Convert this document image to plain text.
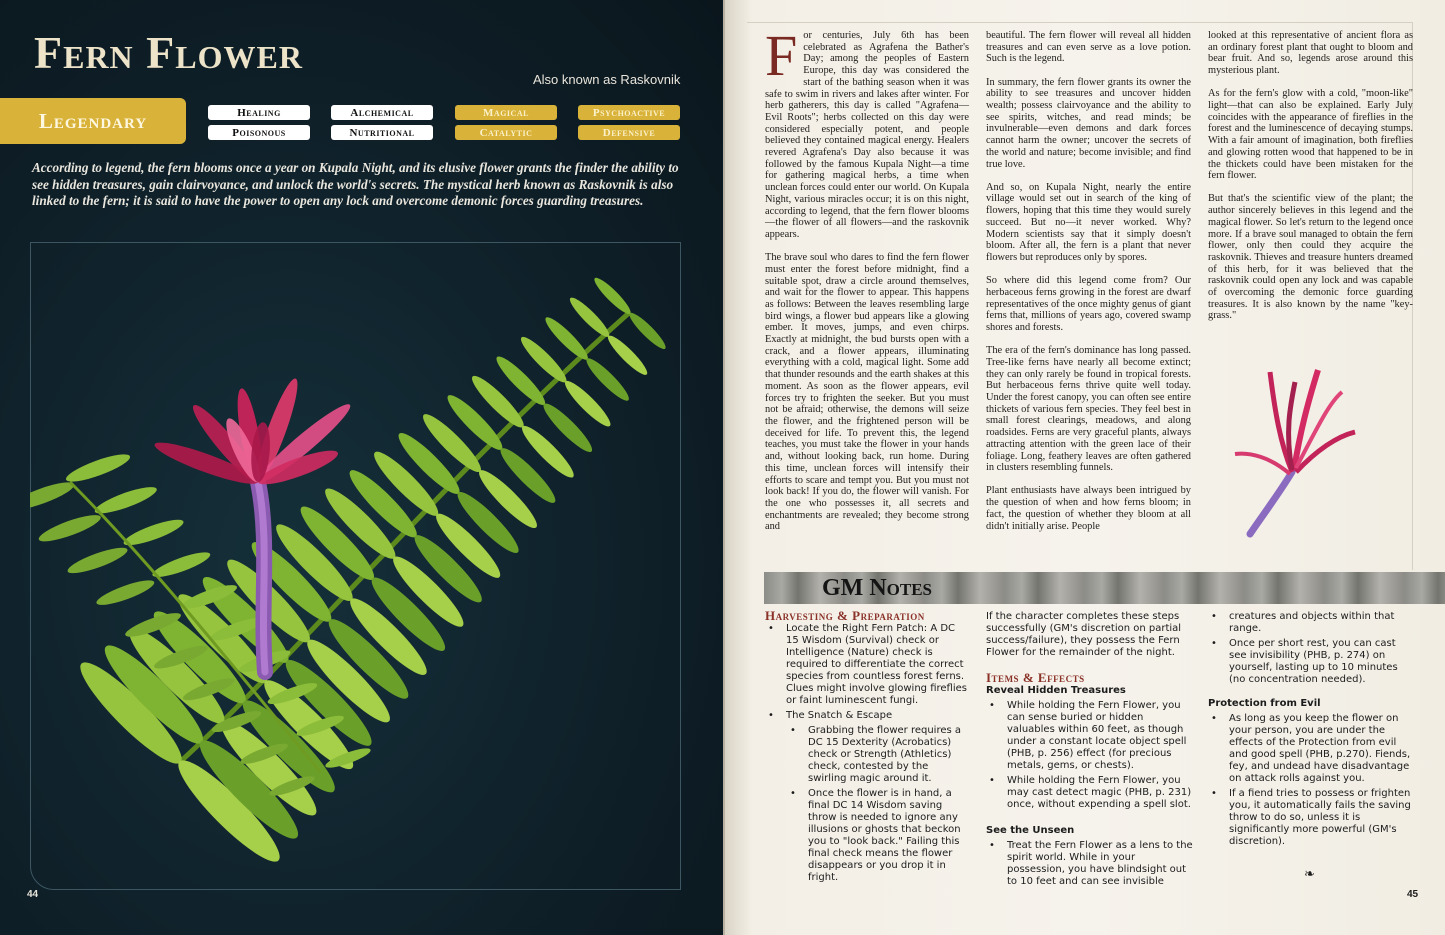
Fern Flower
Also known as Raskovnik
Legendary	Healing	Alchemical	Magical	Psychoactive
Poisonous	Nutritional	Catalytic	Defensive
According to legend, the fern blooms once a year on Kupala Night, and its elusive flower grants the finder the ability to see hidden treasures, gain clairvoyance, and unlock the world's secrets. The mystical herb known as Raskovnik is also linked to the fern; it is said to have the power to open any lock and overcome demonic forces guarding treasures.
44

For centuries, July 6th has been celebrated as Agrafena the Bather's Day; among the peoples of Eastern Europe, this day was considered the start of the bathing season when it was safe to swim in rivers and lakes after winter. For herb gatherers, this day is called "Agrafena—Evil Roots"; herbs collected on this day were considered especially potent, and people believed they contained magical energy. Healers revered Agrafena's Day also because it was followed by the famous Kupala Night—a time for gathering magical herbs, a time when unclean forces could enter our world. On Kupala Night, various miracles occur; it is on this night, according to legend, that the fern flower blooms—the flower of all flowers—and the raskovnik appears.

The brave soul who dares to find the fern flower must enter the forest before midnight, find a suitable spot, draw a circle around themselves, and wait for the flower to appear. This happens as follows: Between the leaves resembling large bird wings, a flower bud appears like a glowing ember. It moves, jumps, and even chirps. Exactly at midnight, the bud bursts open with a crack, and a flower appears, illuminating everything with a cold, magical light. Some add that thunder resounds and the earth shakes at this moment. As soon as the flower appears, evil forces try to frighten the seeker. But you must not be afraid; otherwise, the demons will seize the flower, and the frightened person will be deceived for life. To prevent this, the legend teaches, you must take the flower in your hands and, without looking back, run home. During this time, unclean forces will intensify their efforts to scare and tempt you. But you must not look back! If you do, the flower will vanish. For the one who possesses it, all secrets and enchantments are revealed; they become strong and

beautiful. The fern flower will reveal all hidden treasures and can even serve as a love potion. Such is the legend.

In summary, the fern flower grants its owner the ability to see treasures and uncover hidden wealth; possess clairvoyance and the ability to see spirits, witches, and read minds; be invulnerable—even demons and dark forces cannot harm the owner; uncover the secrets of the world and nature; become invisible; and find true love.

And so, on Kupala Night, nearly the entire village would set out in search of the king of flowers, hoping that this time they would surely succeed. But no—it never worked. Why? Modern scientists say that it simply doesn't bloom. After all, the fern is a plant that never flowers but reproduces only by spores.

So where did this legend come from? Our herbaceous ferns growing in the forest are dwarf representatives of the once mighty genus of giant ferns that, millions of years ago, covered swamp shores and forests.

The era of the fern's dominance has long passed. Tree-like ferns have nearly all become extinct; they can only rarely be found in tropical forests. But herbaceous ferns thrive quite well today. Under the forest canopy, you can often see entire thickets of various fern species. They feel best in small forest clearings, meadows, and along roadsides. Ferns are very graceful plants, always attracting attention with the green lace of their foliage. Long, feathery leaves are often gathered in clusters resembling funnels.

Plant enthusiasts have always been intrigued by the question of when and how ferns bloom; in fact, the question of whether they bloom at all didn't initially arise. People

looked at this representative of ancient flora as an ordinary forest plant that ought to bloom and bear fruit. And so, legends arose around this mysterious plant.

As for the fern's glow with a cold, "moon-like" light—that can also be explained. Early July coincides with the appearance of fireflies in the forest and the luminescence of decaying stumps. With a fair amount of imagination, both fireflies and glowing rotten wood that happened to be in the thickets could have been mistaken for the fern flower.

But that's the scientific view of the plant; the author sincerely believes in this legend and the magical flower. So let's return to the legend once more. If a brave soul managed to obtain the fern flower, only then could they acquire the raskovnik. Thieves and treasure hunters dreamed of this herb, for it was believed that the raskovnik could open any lock and was capable of overcoming the demonic force guarding treasures. It is also known by the name "key-grass."

GM Notes
Harvesting & Preparation
• Locate the Right Fern Patch: A DC 15 Wisdom (Survival) check or Intelligence (Nature) check is required to differentiate the correct species from countless forest ferns. Clues might involve glowing fireflies or faint luminescent fungi.
• The Snatch & Escape
• Grabbing the flower requires a DC 15 Dexterity (Acrobatics) check or Strength (Athletics) check, contested by the swirling magic around it.
• Once the flower is in hand, a final DC 14 Wisdom saving throw is needed to ignore any illusions or ghosts that beckon you to "look back." Failing this final check means the flower disappears or you drop it in fright.
If the character completes these steps successfully (GM's discretion on partial success/failure), they possess the Fern Flower for the remainder of the night.
Items & Effects
Reveal Hidden Treasures
• While holding the Fern Flower, you can sense buried or hidden valuables within 60 feet, as though under a constant locate object spell (PHB, p. 256) effect (for precious metals, gems, or chests).
• While holding the Fern Flower, you may cast detect magic (PHB, p. 231) once, without expending a spell slot.
See the Unseen
• Treat the Fern Flower as a lens to the spirit world. While in your possession, you have blindsight out to 10 feet and can see invisible
• creatures and objects within that range.
• Once per short rest, you can cast see invisibility (PHB, p. 274) on yourself, lasting up to 10 minutes (no concentration needed).
Protection from Evil
• As long as you keep the flower on your person, you are under the effects of the Protection from evil and good spell (PHB, p.270). Fiends, fey, and undead have disadvantage on attack rolls against you.
• If a fiend tries to possess or frighten you, it automatically fails the saving throw to do so, unless it is significantly more powerful (GM's discretion).
❧
45
